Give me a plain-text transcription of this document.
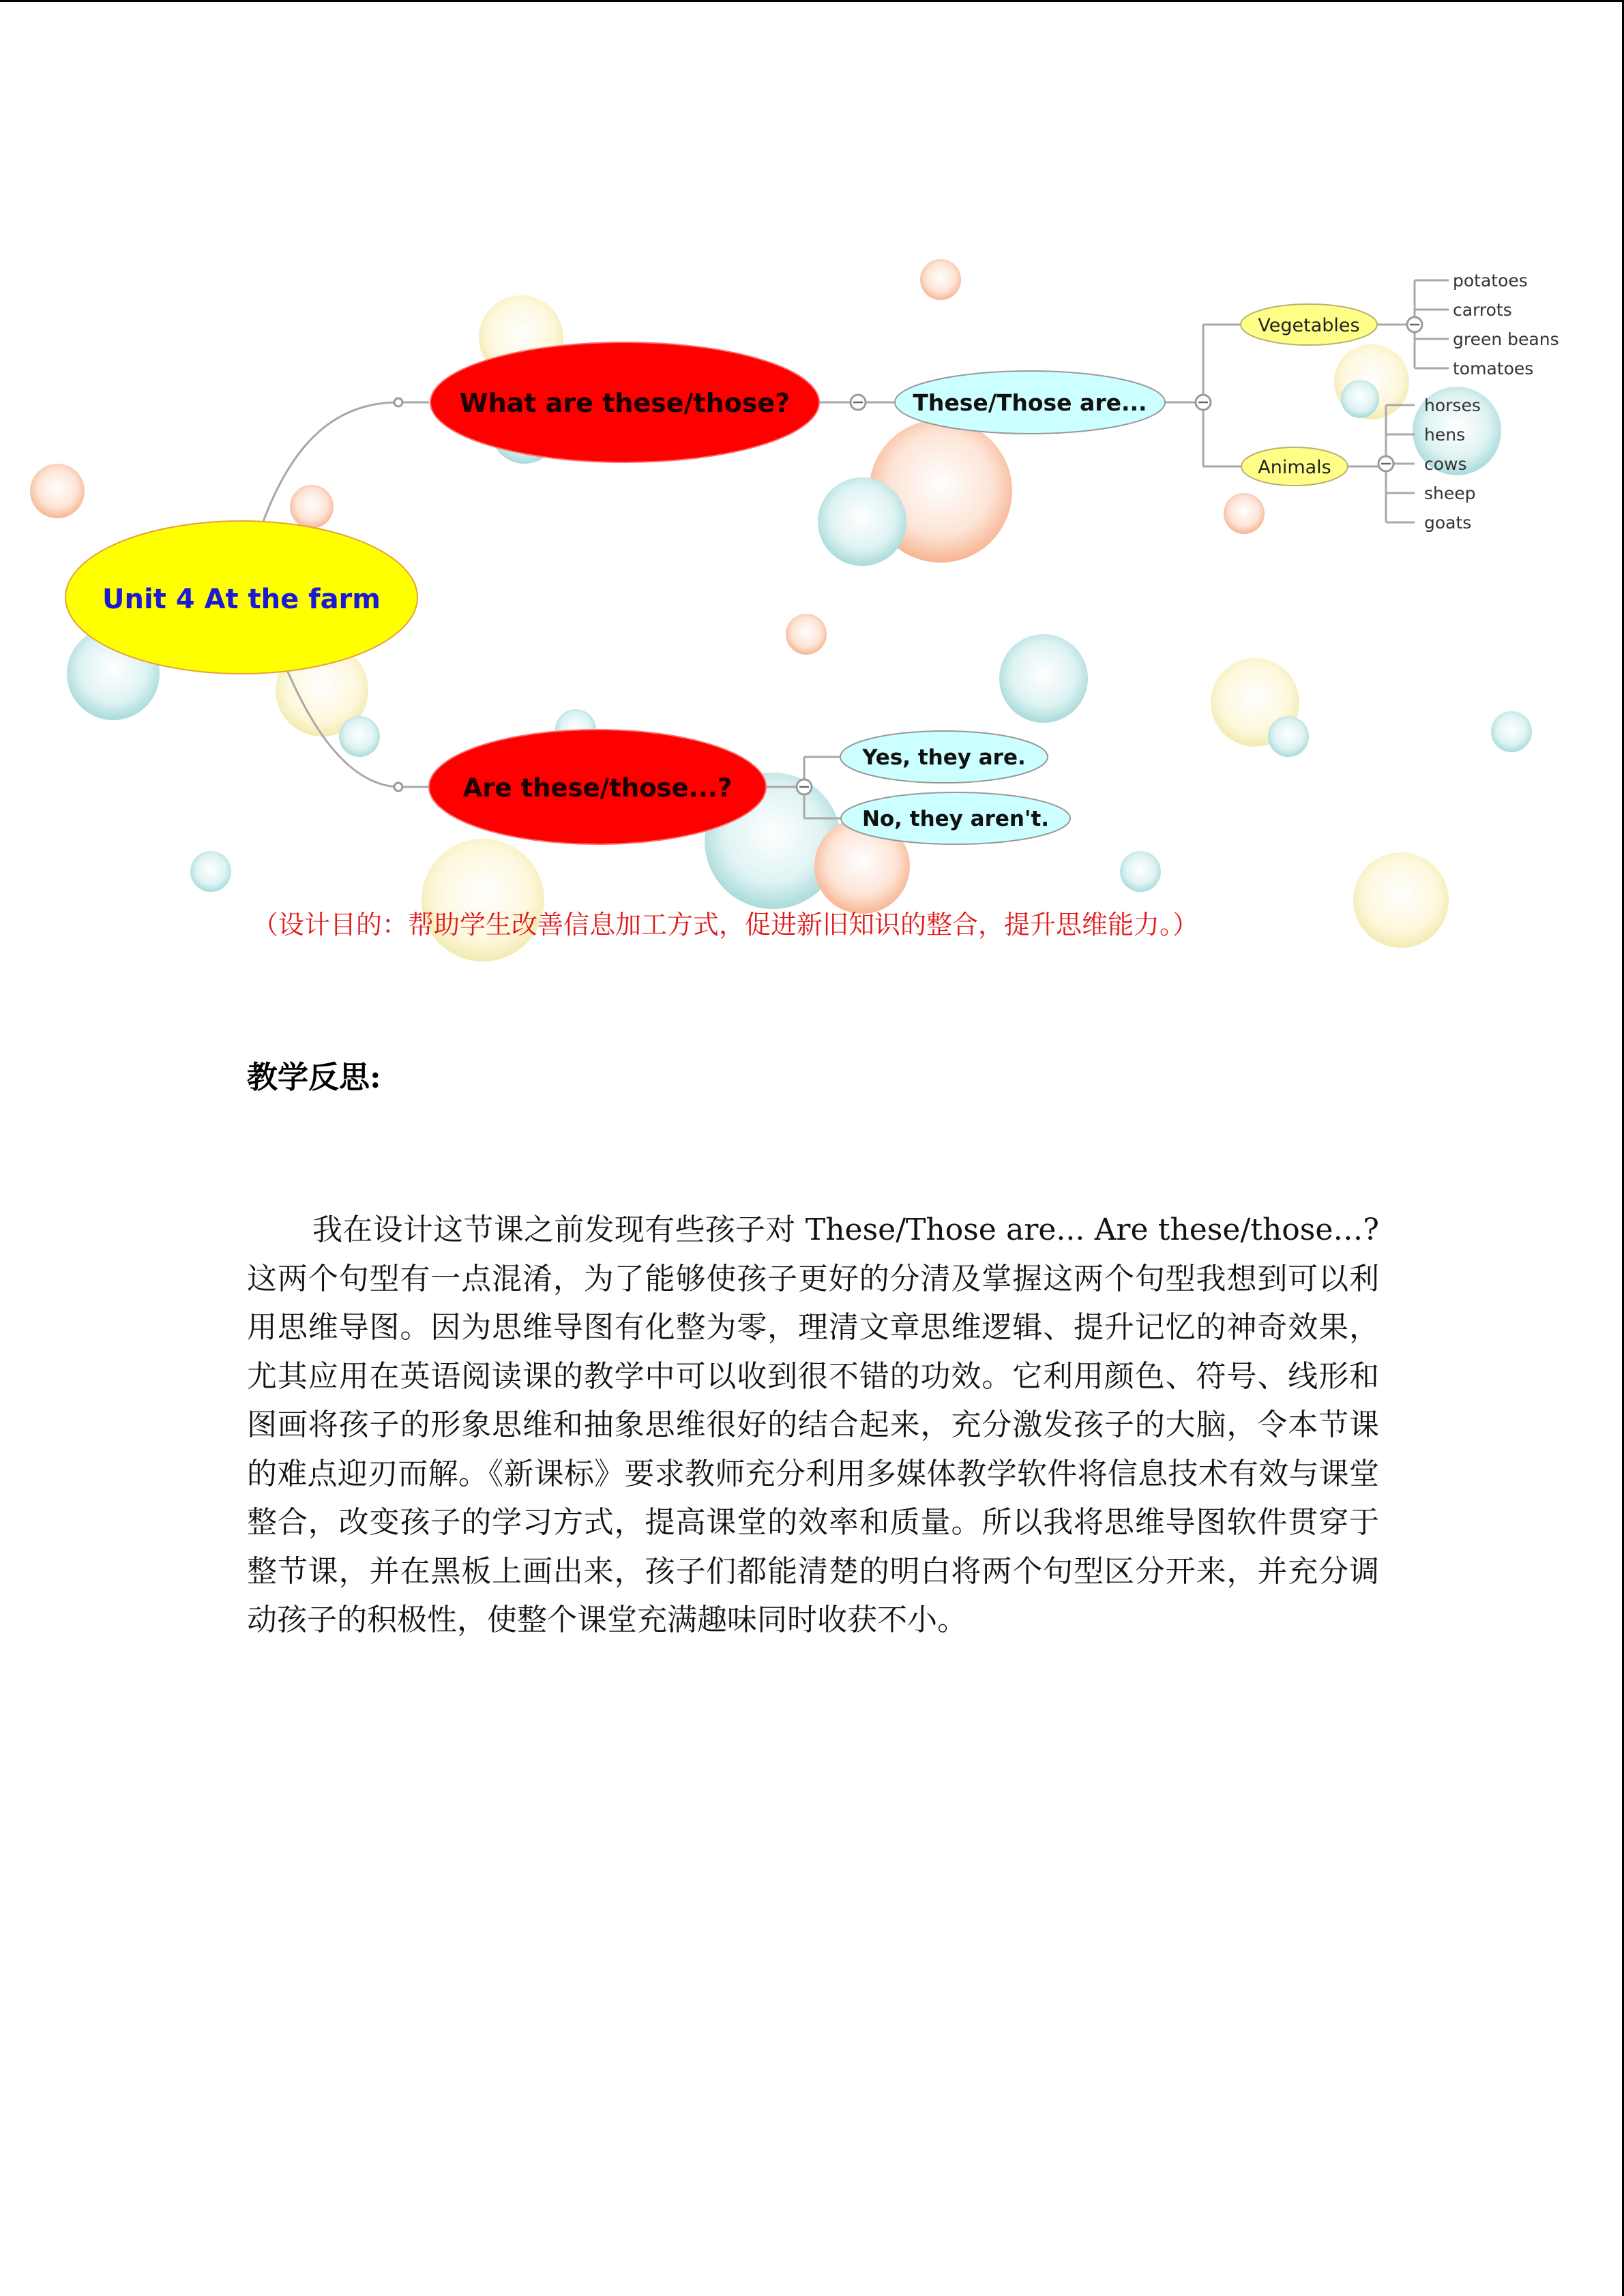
Unit 4 At the farm
What are these/those?	These/Those are...
Vegetables
Animals
potatoes
carrots
green beans
tomatoes
horses
hens
cows
sheep
goats
Are these/those...?
Yes, they are.
No, they aren't.
（设计目的：帮助学生改善信息加工方式，促进新旧知识的整合，提升思维能力。）
教学反思:
我在设计这节课之前发现有些孩子对 These/Those are... Are these/those…?这两个句型有一点混淆，为了能够使孩子更好的分清及掌握这两个句型我想到可以利用思维导图。因为思维导图有化整为零，理清文章思维逻辑、提升记忆的神奇效果，尤其应用在英语阅读课的教学中可以收到很不错的功效。它利用颜色、符号、线形和图画将孩子的形象思维和抽象思维很好的结合起来，充分激发孩子的大脑，令本节课的难点迎刃而解。《新课标》要求教师充分利用多媒体教学软件将信息技术有效与课堂整合，改变孩子的学习方式，提高课堂的效率和质量。所以我将思维导图软件贯穿于整节课，并在黑板上画出来，孩子们都能清楚的明白将两个句型区分开来，并充分调动孩子的积极性，使整个课堂充满趣味同时收获不小。
